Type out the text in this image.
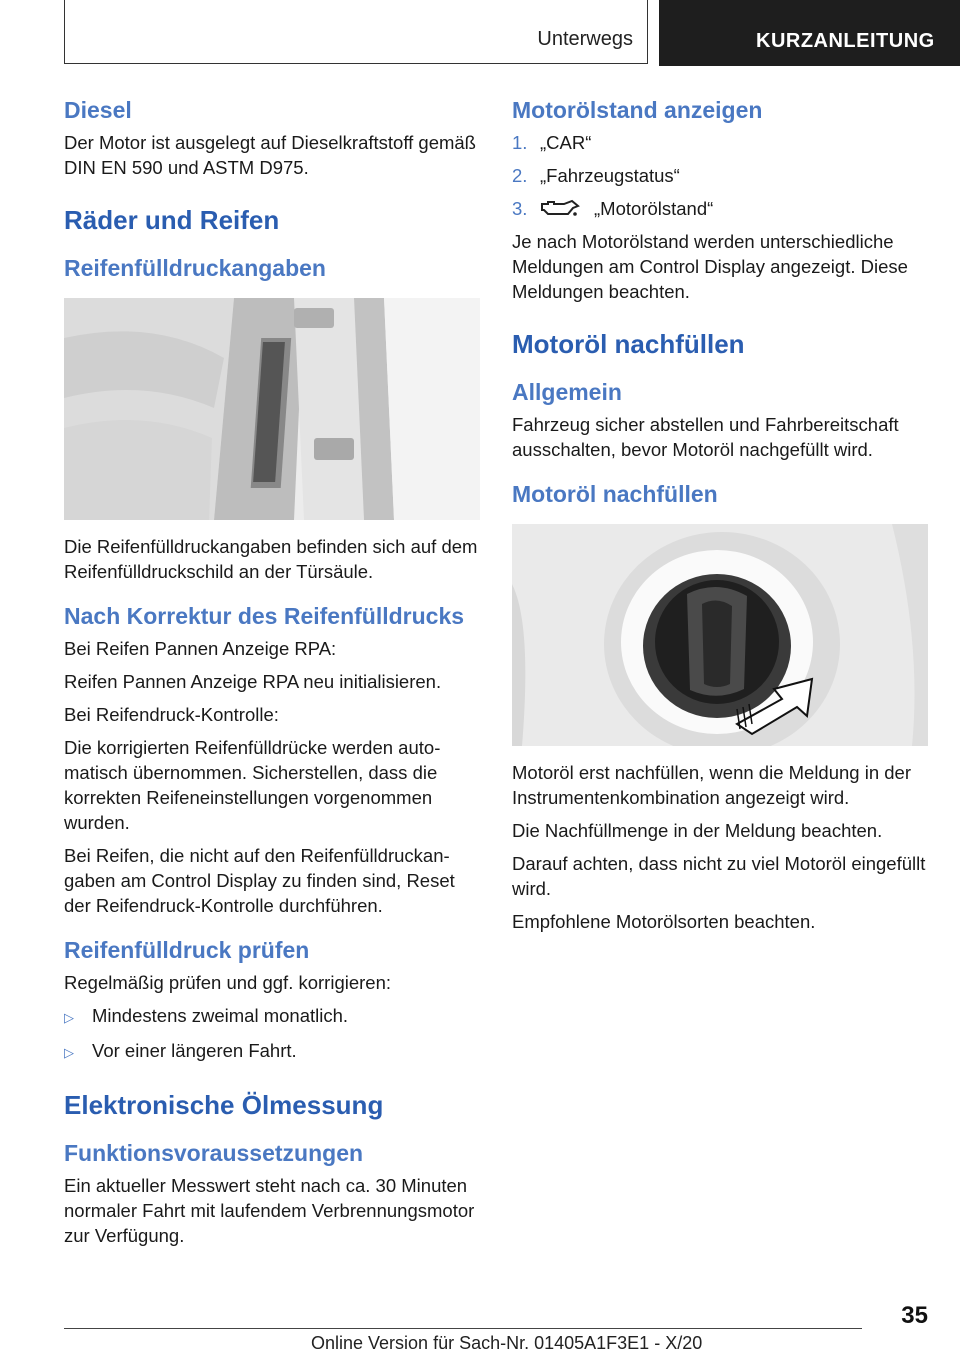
Unterwegs	KURZANLEITUNG
Diesel

Der Motor ist ausgelegt auf Dieselkraftstoff gemäß DIN EN 590 und ASTM D975.

Räder und Reifen
Reifenfülldruckangaben

Die Reifenfülldruckangaben befinden sich auf dem Reifenfülldruckschild an der Türsäule.

Nach Korrektur des Reifenfülldrucks

Bei Reifen Pannen Anzeige RPA:

Reifen Pannen Anzeige RPA neu initialisieren.

Bei Reifendruck-Kontrolle:

Die korrigierten Reifenfülldrücke werden automatisch übernommen. Sicherstellen, dass die korrekten Reifeneinstellungen vorgenommen wurden.

Bei Reifen, die nicht auf den Reifenfülldruckangaben am Control Display zu finden sind, Reset der Reifendruck-Kontrolle durchführen.

Reifenfülldruck prüfen

Regelmäßig prüfen und ggf. korrigieren:

▷ Mindestens zweimal monatlich.
▷ Vor einer längeren Fahrt.
Elektronische Ölmessung
Funktionsvoraussetzungen

Ein aktueller Messwert steht nach ca. 30 Minuten normaler Fahrt mit laufendem Verbrennungsmotor zur Verfügung.

Motorölstand anzeigen
1. „CAR“
2. „Fahrzeugstatus“
3.	„Motorölstand“

Je nach Motorölstand werden unterschiedliche Meldungen am Control Display angezeigt. Diese Meldungen beachten.

Motoröl nachfüllen
Allgemein

Fahrzeug sicher abstellen und Fahrbereitschaft ausschalten, bevor Motoröl nachgefüllt wird.

Motoröl nachfüllen

Motoröl erst nachfüllen, wenn die Meldung in der Instrumentenkombination angezeigt wird.

Die Nachfüllmenge in der Meldung beachten.

Darauf achten, dass nicht zu viel Motoröl eingefüllt wird.

Empfohlene Motorölsorten beachten.

35
Online Version für Sach-Nr. 01405A1F3E1 - X/20
